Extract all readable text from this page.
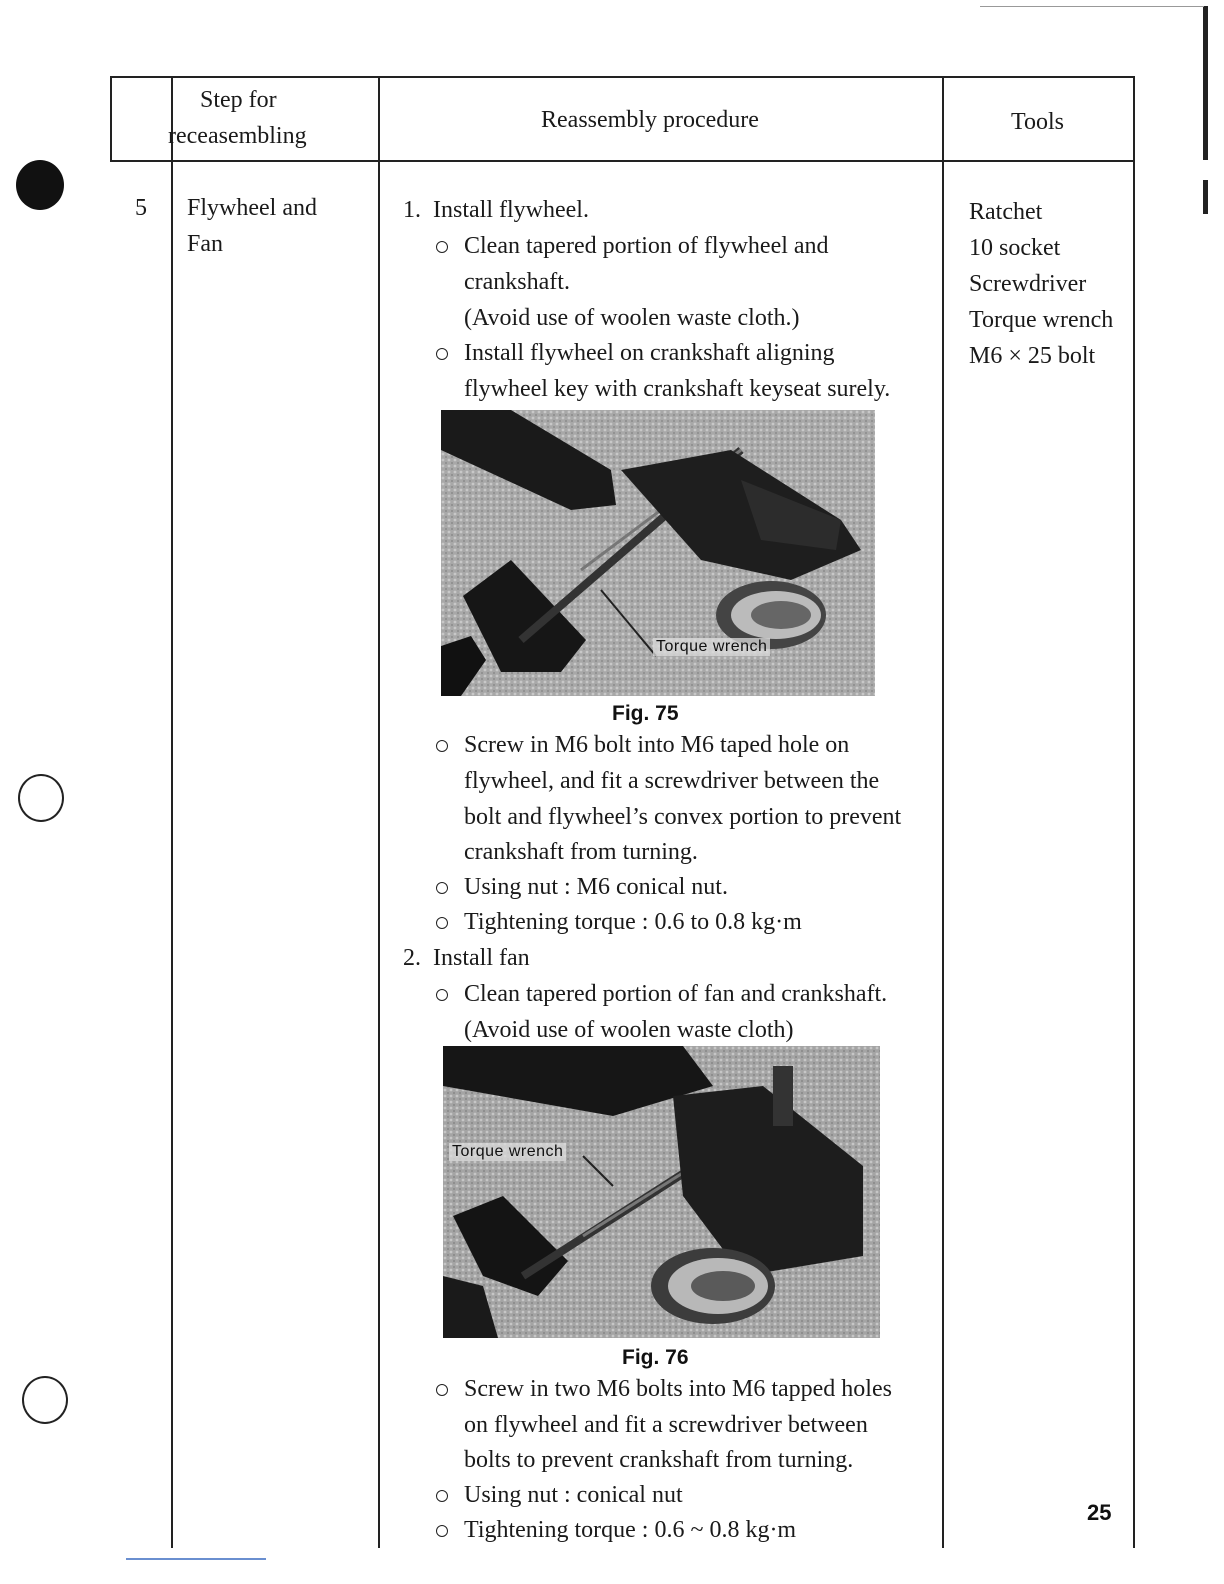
Step for
receasembling
Reassembly procedure	Tools
5 Flywheel and
Fan
Ratchet
10 socket
Screwdriver
Torque wrench
M6 × 25 bolt
1. Install flywheel.
Clean tapered portion of flywheel and
crankshaft.
(Avoid use of woolen waste cloth.)
Install flywheel on crankshaft aligning
flywheel key with crankshaft keyseat surely.
Torque wrench
Fig. 75
Screw in M6 bolt into M6 taped hole on
flywheel, and fit a screwdriver between the
bolt and flywheel’s convex portion to prevent
crankshaft from turning.
Using nut : M6 conical nut.
Tightening torque : 0.6 to 0.8 kg·m
2. Install fan
Clean tapered portion of fan and crankshaft.
(Avoid use of woolen waste cloth)
Torque wrench
Fig. 76
Screw in two M6 bolts into M6 tapped holes
on flywheel and fit a screwdriver between
bolts to prevent crankshaft from turning.
Using nut : conical nut
Tightening torque : 0.6 ~ 0.8 kg·m
25
